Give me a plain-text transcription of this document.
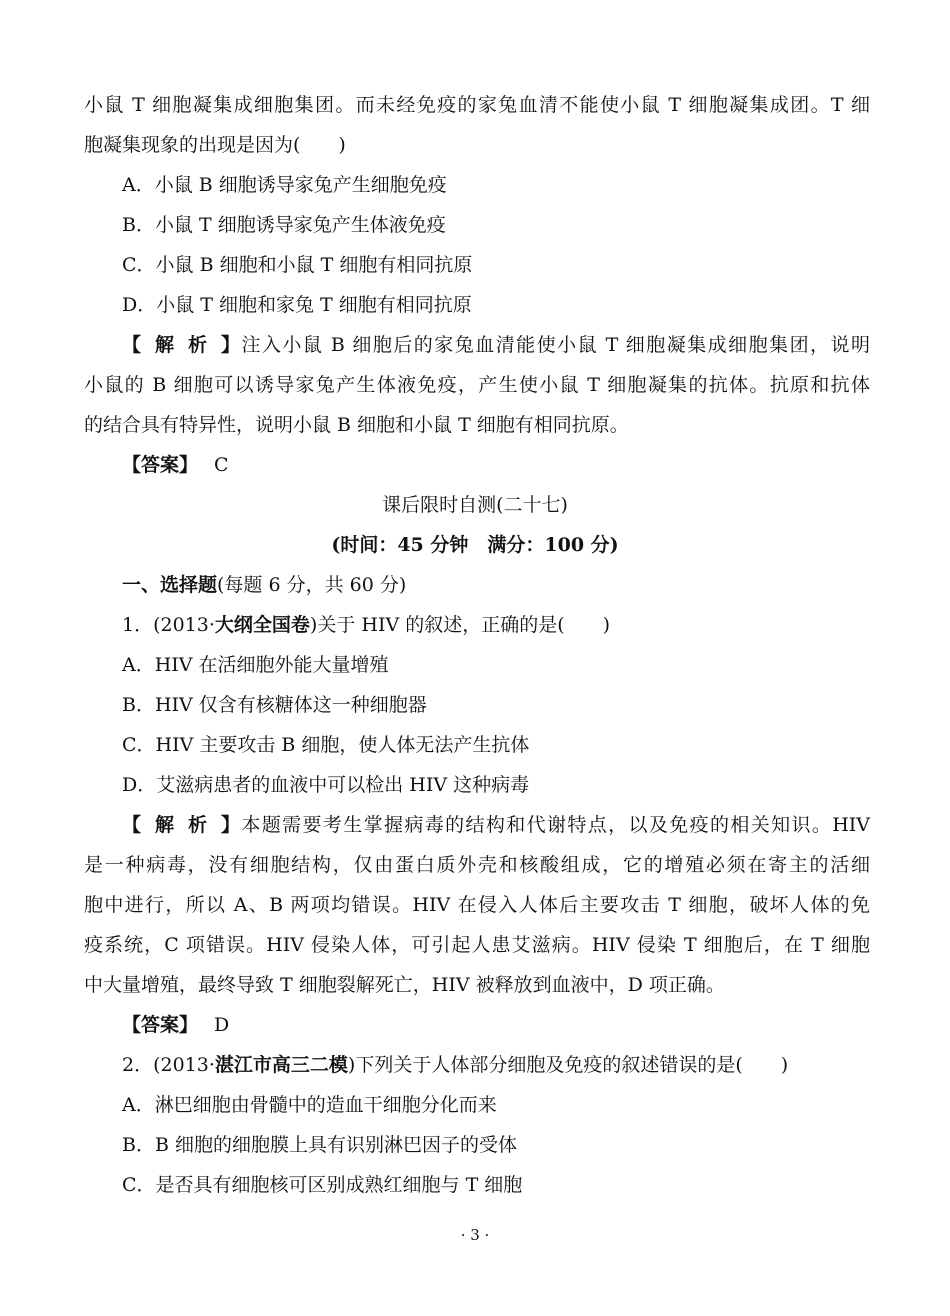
小鼠 T 细胞凝集成细胞集团。而未经免疫的家兔血清不能使小鼠 T 细胞凝集成团。T 细
胞凝集现象的出现是因为(　　)
A．小鼠 B 细胞诱导家兔产生细胞免疫
B．小鼠 T 细胞诱导家兔产生体液免疫
C．小鼠 B 细胞和小鼠 T 细胞有相同抗原
D．小鼠 T 细胞和家兔 T 细胞有相同抗原
【解析】注入小鼠 B 细胞后的家兔血清能使小鼠 T 细胞凝集成细胞集团，说明
小鼠的 B 细胞可以诱导家兔产生体液免疫，产生使小鼠 T 细胞凝集的抗体。抗原和抗体
的结合具有特异性，说明小鼠 B 细胞和小鼠 T 细胞有相同抗原。
【答案】 C
课后限时自测(二十七)
(时间：45 分钟　满分：100 分)
一、选择题(每题 6 分，共 60 分)
1．(2013·大纲全国卷)关于 HIV 的叙述，正确的是(　　)
A．HIV 在活细胞外能大量增殖
B．HIV 仅含有核糖体这一种细胞器
C．HIV 主要攻击 B 细胞，使人体无法产生抗体
D．艾滋病患者的血液中可以检出 HIV 这种病毒
【解析】本题需要考生掌握病毒的结构和代谢特点，以及免疫的相关知识。HIV
是一种病毒，没有细胞结构，仅由蛋白质外壳和核酸组成，它的增殖必须在寄主的活细
胞中进行，所以 A、B 两项均错误。HIV 在侵入人体后主要攻击 T 细胞，破坏人体的免
疫系统，C 项错误。HIV 侵染人体，可引起人患艾滋病。HIV 侵染 T 细胞后，在 T 细胞
中大量增殖，最终导致 T 细胞裂解死亡，HIV 被释放到血液中，D 项正确。
【答案】 D
2．(2013·湛江市高三二模)下列关于人体部分细胞及免疫的叙述错误的是(　　)
A．淋巴细胞由骨髓中的造血干细胞分化而来
B．B 细胞的细胞膜上具有识别淋巴因子的受体
C．是否具有细胞核可区别成熟红细胞与 T 细胞
· 3 ·
